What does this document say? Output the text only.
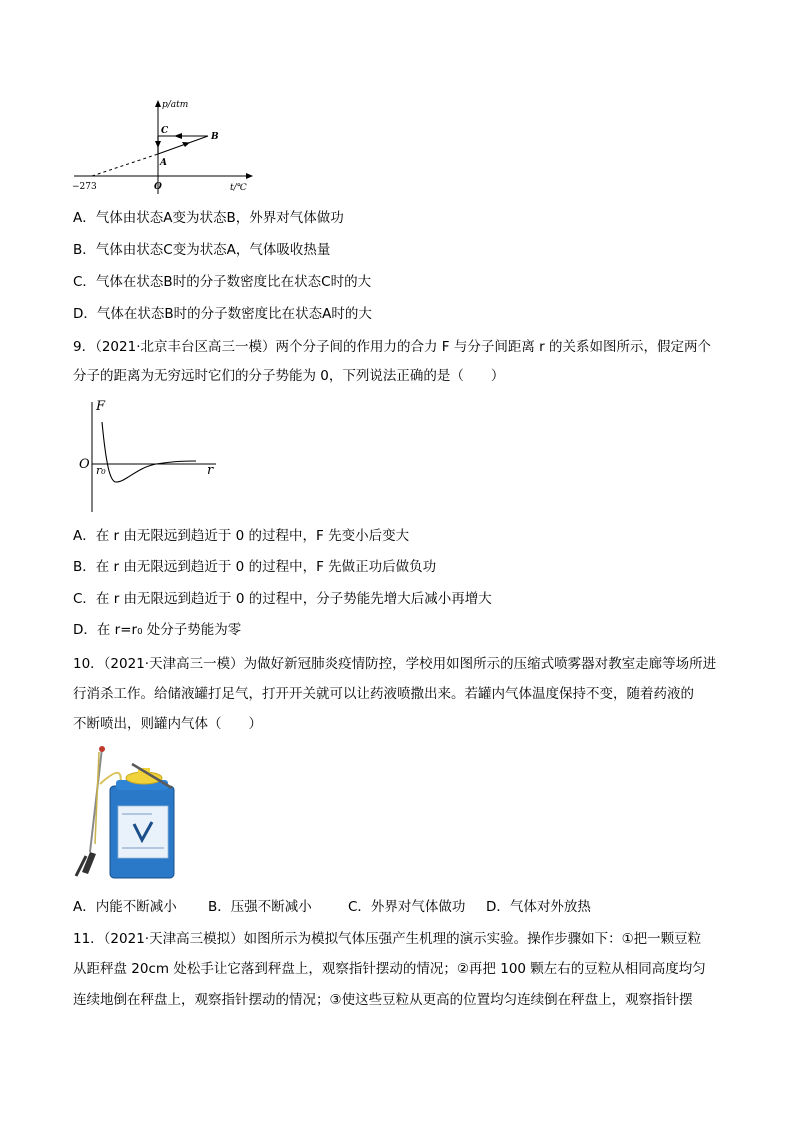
p/atm
t/℃
O
−273
A
B
C
A．气体由状态A变为状态B，外界对气体做功
B．气体由状态C变为状态A，气体吸收热量
C．气体在状态B时的分子数密度比在状态C时的大
D．气体在状态B时的分子数密度比在状态A时的大
9．（2021·北京丰台区高三一模）两个分子间的作用力的合力 F 与分子间距离 r 的关系如图所示，假定两个
分子的距离为无穷远时它们的分子势能为 0，下列说法正确的是（　　）
F
r
O r₀
A．在 r 由无限远到趋近于 0 的过程中，F 先变小后变大
B．在 r 由无限远到趋近于 0 的过程中，F 先做正功后做负功
C．在 r 由无限远到趋近于 0 的过程中，分子势能先增大后减小再增大
D．在 r=r₀ 处分子势能为零
10．（2021·天津高三一模）为做好新冠肺炎疫情防控，学校用如图所示的压缩式喷雾器对教室走廊等场所进
行消杀工作。给储液罐打足气，打开开关就可以让药液喷撒出来。若罐内气体温度保持不变，随着药液的
不断喷出，则罐内气体（　　）
A．内能不断减小 B．压强不断减小	C．外界对气体做功 D．气体对外放热
11．（2021·天津高三模拟）如图所示为模拟气体压强产生机理的演示实验。操作步骤如下：①把一颗豆粒
从距秤盘 20cm 处松手让它落到秤盘上，观察指针摆动的情况；②再把 100 颗左右的豆粒从相同高度均匀
连续地倒在秤盘上，观察指针摆动的情况；③使这些豆粒从更高的位置均匀连续倒在秤盘上，观察指针摆
